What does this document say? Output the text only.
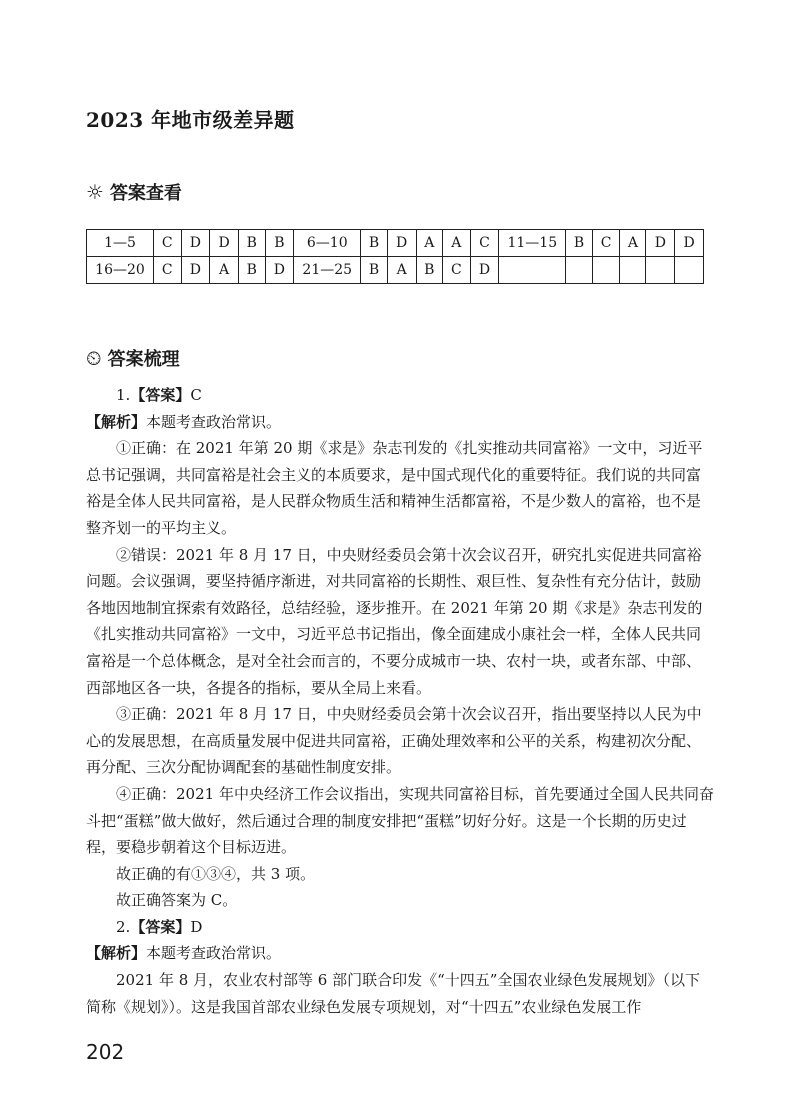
2023 年地市级差异题
☼ 答案查看
1—5	C	D	D	B	B	6—10	B	D	A	A	C	11—15	B	C	A	D	D
16—20	C	D	A	B	D	21—25	B	A	B	C	D						
⏲ 答案梳理

1.【答案】C

【解析】本题考查政治常识。

①正确：在 2021 年第 20 期《求是》杂志刊发的《扎实推动共同富裕》一文中，习近平总书记强调，共同富裕是社会主义的本质要求，是中国式现代化的重要特征。我们说的共同富裕是全体人民共同富裕，是人民群众物质生活和精神生活都富裕，不是少数人的富裕，也不是整齐划一的平均主义。

②错误：2021 年 8 月 17 日，中央财经委员会第十次会议召开，研究扎实促进共同富裕问题。会议强调，要坚持循序渐进，对共同富裕的长期性、艰巨性、复杂性有充分估计，鼓励各地因地制宜探索有效路径，总结经验，逐步推开。在 2021 年第 20 期《求是》杂志刊发的《扎实推动共同富裕》一文中，习近平总书记指出，像全面建成小康社会一样，全体人民共同富裕是一个总体概念，是对全社会而言的，不要分成城市一块、农村一块，或者东部、中部、西部地区各一块，各提各的指标，要从全局上来看。

③正确：2021 年 8 月 17 日，中央财经委员会第十次会议召开，指出要坚持以人民为中心的发展思想，在高质量发展中促进共同富裕，正确处理效率和公平的关系，构建初次分配、再分配、三次分配协调配套的基础性制度安排。

④正确：2021 年中央经济工作会议指出，实现共同富裕目标，首先要通过全国人民共同奋斗把“蛋糕”做大做好，然后通过合理的制度安排把“蛋糕”切好分好。这是一个长期的历史过程，要稳步朝着这个目标迈进。

故正确的有①③④，共 3 项。

故正确答案为 C。

2.【答案】D

【解析】本题考查政治常识。

2021 年 8 月，农业农村部等 6 部门联合印发《“十四五”全国农业绿色发展规划》（以下简称《规划》）。这是我国首部农业绿色发展专项规划，对“十四五”农业绿色发展工作

202
